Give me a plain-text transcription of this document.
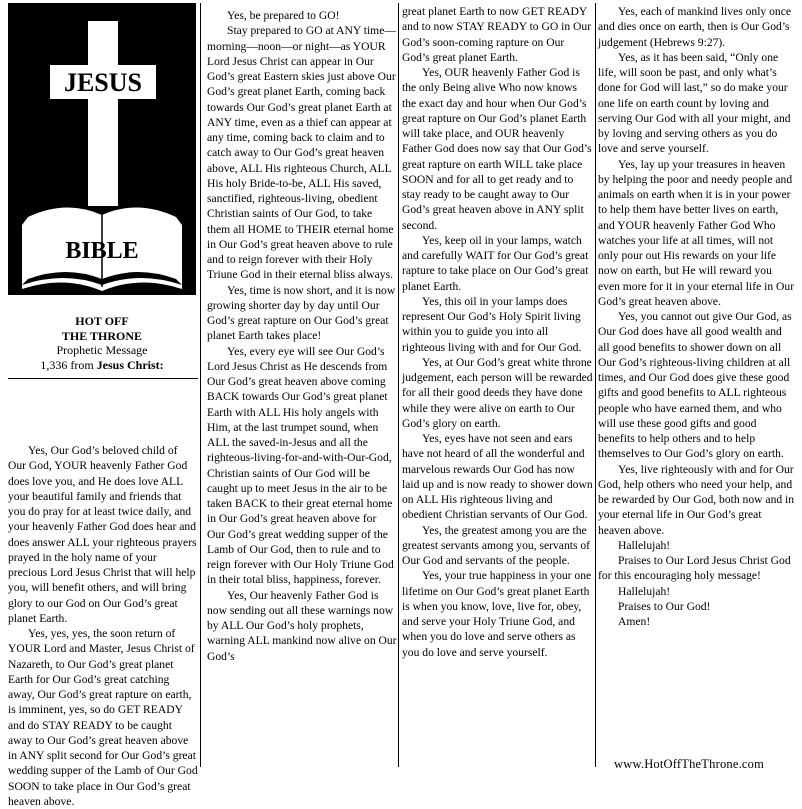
JESUS
BIBLE
HOT OFF
THE THRONE
Prophetic Message
1,336 from Jesus Christ:

Yes, Our God’s beloved child of Our God, YOUR heavenly Father God does love you, and He does love ALL your beautiful family and friends that you do pray for at least twice daily, and your heavenly Father God does hear and does answer ALL your righteous prayers prayed in the holy name of your precious Lord Jesus Christ that will help you, will benefit others, and will bring glory to our God on Our God’s great planet Earth.

Yes, yes, yes, the soon return of YOUR Lord and Master, Jesus Christ of Nazareth, to Our God’s great planet Earth for Our God’s great catching away, Our God’s great rapture on earth, is imminent, yes, so do GET READY and do STAY READY to be caught away to Our God’s great heaven above in ANY split second for Our God’s great wedding supper of the Lamb of Our God SOON to take place in Our God’s great heaven above.

Yes, be prepared to GO!

Stay prepared to GO at ANY time—morning—noon—or night—as YOUR Lord Jesus Christ can appear in Our God’s great Eastern skies just above Our God’s great planet Earth, coming back towards Our God’s great planet Earth at ANY time, even as a thief can appear at any time, coming back to claim and to catch away to Our God’s great heaven above, ALL His righteous Church, ALL His holy Bride-to-be, ALL His saved, sanctified, righteous-living, obedient Christian saints of Our God, to take them all HOME to THEIR eternal home in Our God’s great heaven above to rule and to reign forever with their Holy Triune God in their eternal bliss always.

Yes, time is now short, and it is now growing shorter day by day until Our God’s great rapture on Our God’s great planet Earth takes place!

Yes, every eye will see Our God’s Lord Jesus Christ as He descends from Our God’s great heaven above coming BACK towards Our God’s great planet Earth with ALL His holy angels with Him, at the last trumpet sound, when ALL the saved-in-Jesus and all the righteous-living-for-and-with-Our-God, Christian saints of Our God will be caught up to meet Jesus in the air to be taken BACK to their great eternal home in Our God’s great heaven above for Our God’s great wedding supper of the Lamb of Our God, then to rule and to reign forever with Our Holy Triune God in their total bliss, happiness, forever.

Yes, Our heavenly Father God is now sending out all these warnings now by ALL Our God’s holy prophets, warning ALL mankind now alive on Our God’s

great planet Earth to now GET READY and to now STAY READY to GO in Our God’s soon-coming rapture on Our God’s great planet Earth.

Yes, OUR heavenly Father God is the only Being alive Who now knows the exact day and hour when Our God’s great rapture on Our God’s planet Earth will take place, and OUR heavenly Father God does now say that Our God’s great rapture on earth WILL take place SOON and for all to get ready and to stay ready to be caught away to Our God’s great heaven above in ANY split second.

Yes, keep oil in your lamps, watch and carefully WAIT for Our God’s great rapture to take place on Our God’s great planet Earth.

Yes, this oil in your lamps does represent Our God’s Holy Spirit living within you to guide you into all righteous living with and for Our God.

Yes, at Our God’s great white throne judgement, each person will be rewarded for all their good deeds they have done while they were alive on earth to Our God’s glory on earth.

Yes, eyes have not seen and ears have not heard of all the wonderful and marvelous rewards Our God has now laid up and is now ready to shower down on ALL His righteous living and obedient Christian servants of Our God.

Yes, the greatest among you are the greatest servants among you, servants of Our God and servants of the people.

Yes, your true happiness in your one lifetime on Our God’s great planet Earth is when you know, love, live for, obey, and serve your Holy Triune God, and when you do love and serve others as you do love and serve yourself.

Yes, each of mankind lives only once and dies once on earth, then is Our God’s judgement (Hebrews 9:27).

Yes, as it has been said, “Only one life, will soon be past, and only what’s done for God will last,” so do make your one life on earth count by loving and serving Our God with all your might, and by loving and serving others as you do love and serve yourself.

Yes, lay up your treasures in heaven by helping the poor and needy people and animals on earth when it is in your power to help them have better lives on earth, and YOUR heavenly Father God Who watches your life at all times, will not only pour out His rewards on your life now on earth, but He will reward you even more for it in your eternal life in Our God’s great heaven above.

Yes, you cannot out give Our God, as Our God does have all good wealth and all good benefits to shower down on all Our God’s righteous-living children at all times, and Our God does give these good gifts and good benefits to ALL righteous people who have earned them, and who will use these good gifts and good benefits to help others and to help themselves to Our God’s glory on earth.

Yes, live righteously with and for Our God, help others who need your help, and be rewarded by Our God, both now and in your eternal life in Our God’s great heaven above.

Hallelujah!

Praises to Our Lord Jesus Christ God for this encouraging holy message!

Hallelujah!

Praises to Our God!

Amen!

www.HotOffTheThrone.com
